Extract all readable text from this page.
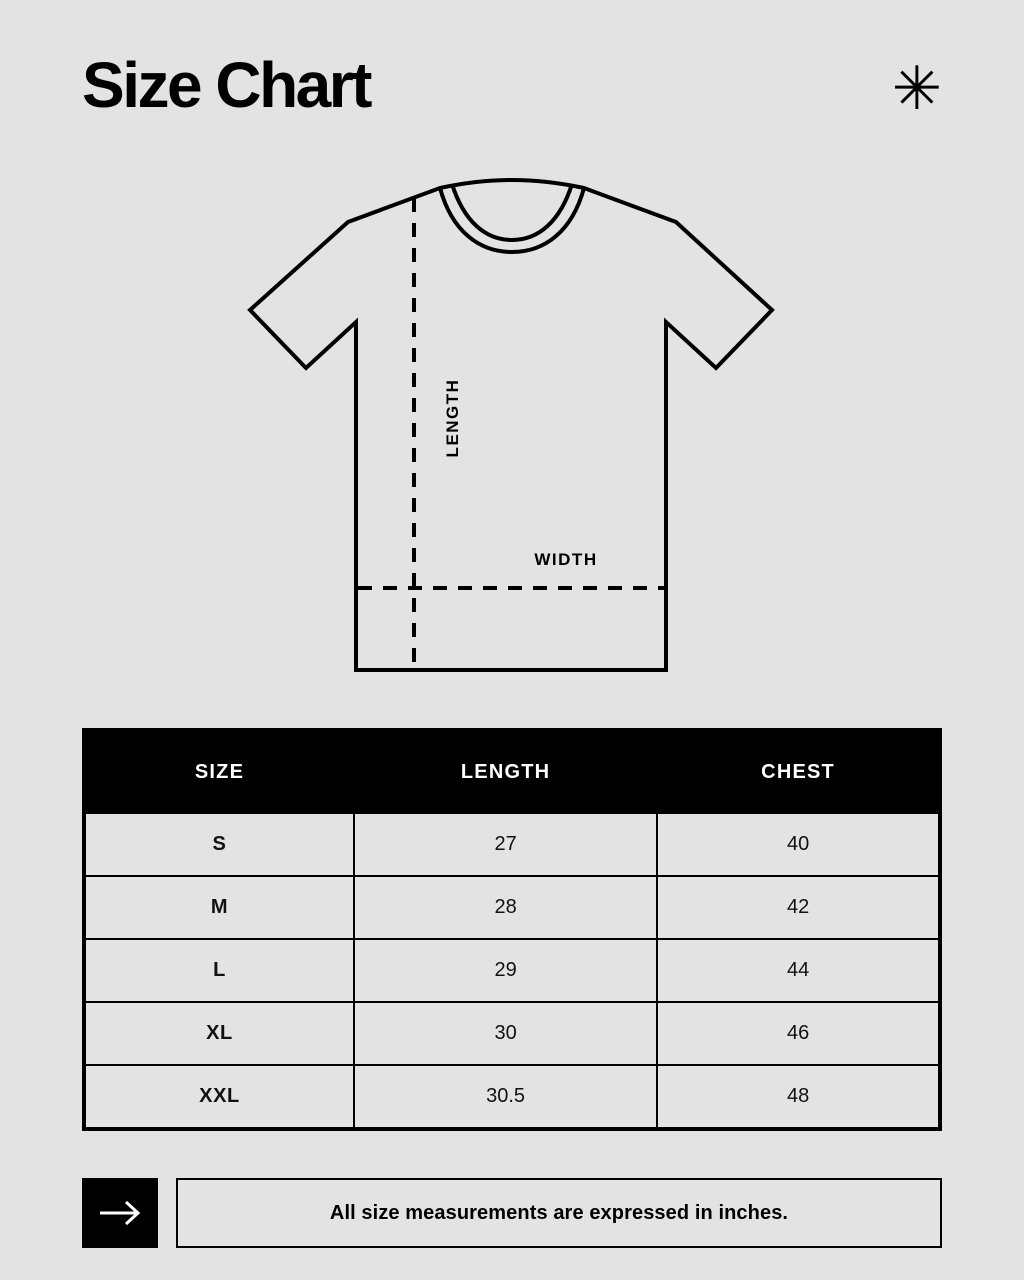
Size Chart	✳
LENGTH
WIDTH
SIZE	LENGTH	CHEST
S	27	40
M	28	42
L	29	44
XL	30	46
XXL	30.5	48
All size measurements are expressed in inches.
